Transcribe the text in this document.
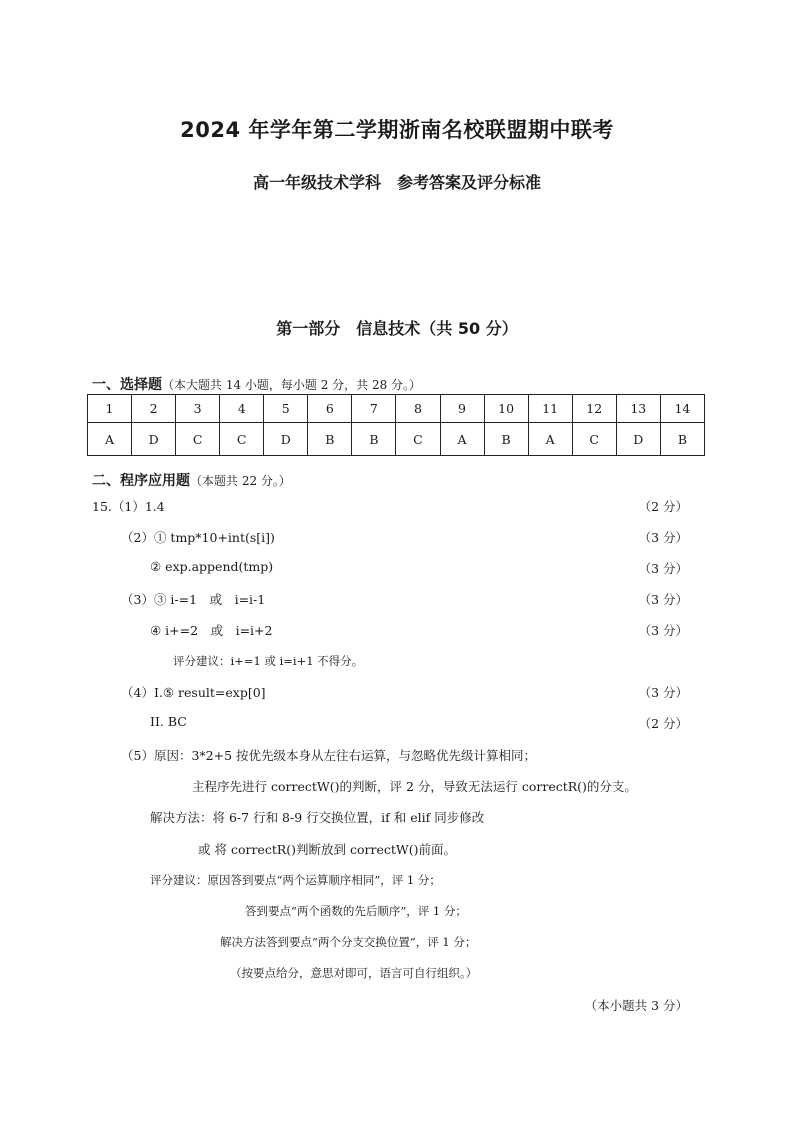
2024 年学年第二学期浙南名校联盟期中联考
高一年级技术学科　参考答案及评分标准
第一部分　信息技术（共 50 分）
一、选择题（本大题共 14 小题，每小题 2 分，共 28 分。）
1	2	3	4	5	6	7	8	9	10	11	12	13	14
A	D	C	C	D	B	B	C	A	B	A	C	D	B
二、程序应用题（本题共 22 分。）
15.（1）1.4	（2 分）
（2）① tmp*10+int(s[i])	（3 分）
② exp.append(tmp)	（3 分）
（3）③ i-=1　或　i=i-1	（3 分）
④ i+=2　或　i=i+2	（3 分）
评分建议：i+=1 或 i=i+1 不得分。
（4）I.⑤ result=exp[0]	（3 分）
II. BC	（2 分）
（5）原因：3*2+5 按优先级本身从左往右运算，与忽略优先级计算相同；
主程序先进行 correctW()的判断，评 2 分，导致无法运行 correctR()的分支。
解决方法：将 6-7 行和 8-9 行交换位置，if 和 elif 同步修改
或 将 correctR()判断放到 correctW()前面。
评分建议：原因答到要点“两个运算顺序相同”，评 1 分；
答到要点“两个函数的先后顺序”，评 1 分；
解决方法答到要点“两个分支交换位置”，评 1 分；
（按要点给分，意思对即可，语言可自行组织。）
（本小题共 3 分）
